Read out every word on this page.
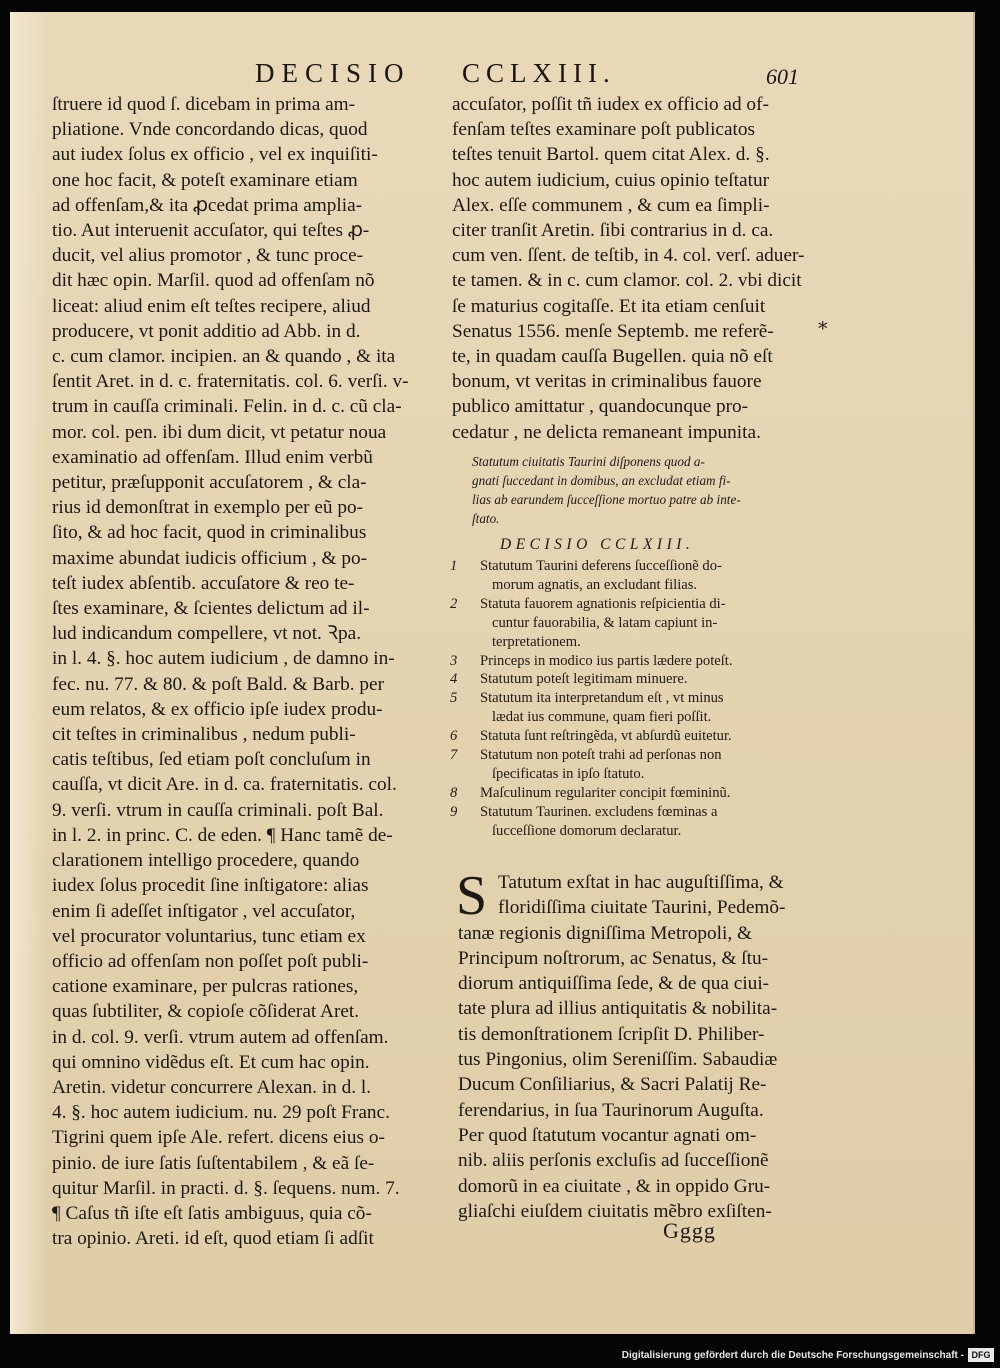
DECISIO CCLXIII.	601
ſtruere id quod ſ. dicebam in prima am-
pliatione. Vnde concordando dicas, quod
aut iudex ſolus ex officio , vel ex inquiſiti-
one hoc facit, & poteſt examinare etiam
ad offenſam,& ita ꝓcedat prima amplia-
tio. Aut interuenit accuſator, qui teſtes ꝓ-
ducit, vel alius promotor , & tunc proce-
dit hæc opin. Marſil. quod ad offenſam nõ
liceat: aliud enim eſt teſtes recipere, aliud
producere, vt ponit additio ad Abb. in d.
c. cum clamor. incipien. an & quando , & ita
ſentit Aret. in d. c. fraternitatis. col. 6. verſi. v-
trum in cauſſa criminali. Felin. in d. c. cũ cla-
mor. col. pen. ibi dum dicit, vt petatur noua
examinatio ad offenſam. Illud enim verbũ
petitur, præſupponit accuſatorem , & cla-
rius id demonſtrat in exemplo per eũ po-
ſito, & ad hoc facit, quod in criminalibus
maxime abundat iudicis officium , & po-
teſt iudex abſentib. accuſatore & reo te-
ſtes examinare, & ſcientes delictum ad il-
lud indicandum compellere, vt not. Ꝛpa.
in l. 4. §. hoc autem iudicium , de damno in-
fec. nu. 77. & 80. & poſt Bald. & Barb. per
eum relatos, & ex officio ipſe iudex produ-
cit teſtes in criminalibus , nedum publi-
catis teſtibus, ſed etiam poſt concluſum in
cauſſa, vt dicit Are. in d. ca. fraternitatis. col.
9. verſi. vtrum in cauſſa criminali. poſt Bal.
in l. 2. in princ. C. de eden. ¶ Hanc tamẽ de-
clarationem intelligo procedere, quando
iudex ſolus procedit ſine inſtigatore: alias
enim ſi adeſſet inſtigator , vel accuſator,
vel procurator voluntarius, tunc etiam ex
officio ad offenſam non poſſet poſt publi-
catione examinare, per pulcras rationes,
quas ſubtiliter, & copioſe cõſiderat Aret.
in d. col. 9. verſi. vtrum autem ad offenſam.
qui omnino vidẽdus eſt. Et cum hac opin.
Aretin. videtur concurrere Alexan. in d. l.
4. §. hoc autem iudicium. nu. 29 poſt Franc.
Tigrini quem ipſe Ale. refert. dicens eius o-
pinio. de iure ſatis ſuſtentabilem , & eã ſe-
quitur Marſil. in practi. d. §. ſequens. num. 7.
¶ Caſus tñ iſte eſt ſatis ambiguus, quia cõ-
tra opinio. Areti. id eſt, quod etiam ſi adſit
accuſator, poſſit tñ iudex ex officio ad of-
fenſam teſtes examinare poſt publicatos
teſtes tenuit Bartol. quem citat Alex. d. §.
hoc autem iudicium, cuius opinio teſtatur
Alex. eſſe communem , & cum ea ſimpli-
citer tranſit Aretin. ſibi contrarius in d. ca.
cum ven. ſſent. de teſtib, in 4. col. verſ. aduer-
te tamen. & in c. cum clamor. col. 2. vbi dicit
ſe maturius cogitaſſe. Et ita etiam cenſuit
Senatus 1556. menſe Septemb. me referẽ-
te, in quadam cauſſa Bugellen. quia nõ eſt
bonum, vt veritas in criminalibus fauore
publico amittatur , quandocunque pro-
cedatur , ne delicta remaneant impunita.
*
Statutum ciuitatis Taurini diſponens quod a-
gnati ſuccedant in domibus, an excludat etiam fi-
lias ab earundem ſucceſſione mortuo patre ab inte-
ſtato.
DECISIO CCLXIII.
1	Statutum Taurini deferens ſucceſſionẽ do-
morum agnatis, an excludant filias.
2	Statuta fauorem agnationis reſpicientia di-
cuntur fauorabilia, & latam capiunt in-
terpretationem.
3	Princeps in modico ius partis lædere poteſt.
4	Statutum poteſt legitimam minuere.
5	Statutum ita interpretandum eſt , vt minus
lædat ius commune, quam fieri poſſit.
6	Statuta ſunt reſtringẽda, vt abſurdũ euitetur.
7	Statutum non poteſt trahi ad perſonas non
ſpecificatas in ipſo ſtatuto.
8	Maſculinum regulariter concipit fœmininũ.
9	Statutum Taurinen. excludens fœminas a
ſucceſſione domorum declaratur.
S Tatutum exſtat in hac auguſtiſſima, &
floridiſſima ciuitate Taurini, Pedemõ-
tanæ regionis digniſſima Metropoli, &
Principum noſtrorum, ac Senatus, & ſtu-
diorum antiquiſſima ſede, & de qua ciui-
tate plura ad illius antiquitatis & nobilita-
tis demonſtrationem ſcripſit D. Philiber-
tus Pingonius, olim Sereniſſim. Sabaudiæ
Ducum Conſiliarius, & Sacri Palatij Re-
ferendarius, in ſua Taurinorum Auguſta.
Per quod ſtatutum vocantur agnati om-
nib. aliis perſonis excluſis ad ſucceſſionẽ
domorũ in ea ciuitate , & in oppido Gru-
gliaſchi eiuſdem ciuitatis mẽbro exſiſten-
Gggg
Digitalisierung gefördert durch die Deutsche Forschungsgemeinschaft - DFG
